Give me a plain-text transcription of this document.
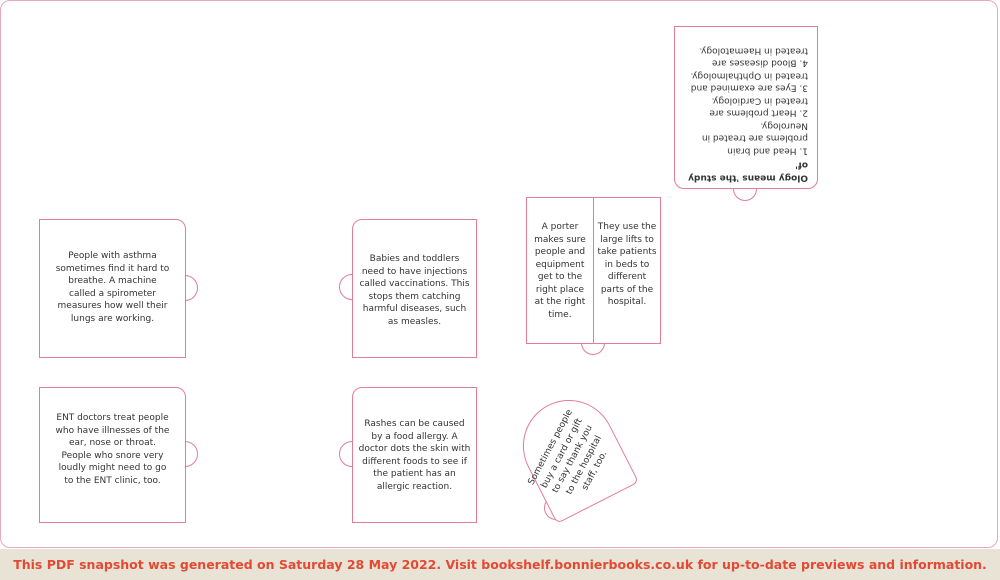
People with asthma sometimes find it hard to breathe. A machine called a spirometer measures how well their lungs are working.
Babies and toddlers need to have injections called vaccinations. This stops them catching harmful diseases, such as measles.
A porter makes sure people and equipment get to the right place at the right time.
They use the large lifts to take patients in beds to different parts of the hospital.
Ology means 'the study of'
1. Head and brain problems are treated in Neurology.
2. Heart problems are treated in Cardiology.
3. Eyes are examined and treated in Ophthalmology.
4. Blood diseases are treated in Haematology.
ENT doctors treat people who have illnesses of the ear, nose or throat. People who snore very loudly might need to go to the ENT clinic, too.
Rashes can be caused by a food allergy. A doctor dots the skin with different foods to see if the patient has an allergic reaction.	Sometimes people buy a card or gift to say thank you to the hospital staff, too.
This PDF snapshot was generated on Saturday 28 May 2022. Visit bookshelf.bonnierbooks.co.uk for up-to-date previews and information.
